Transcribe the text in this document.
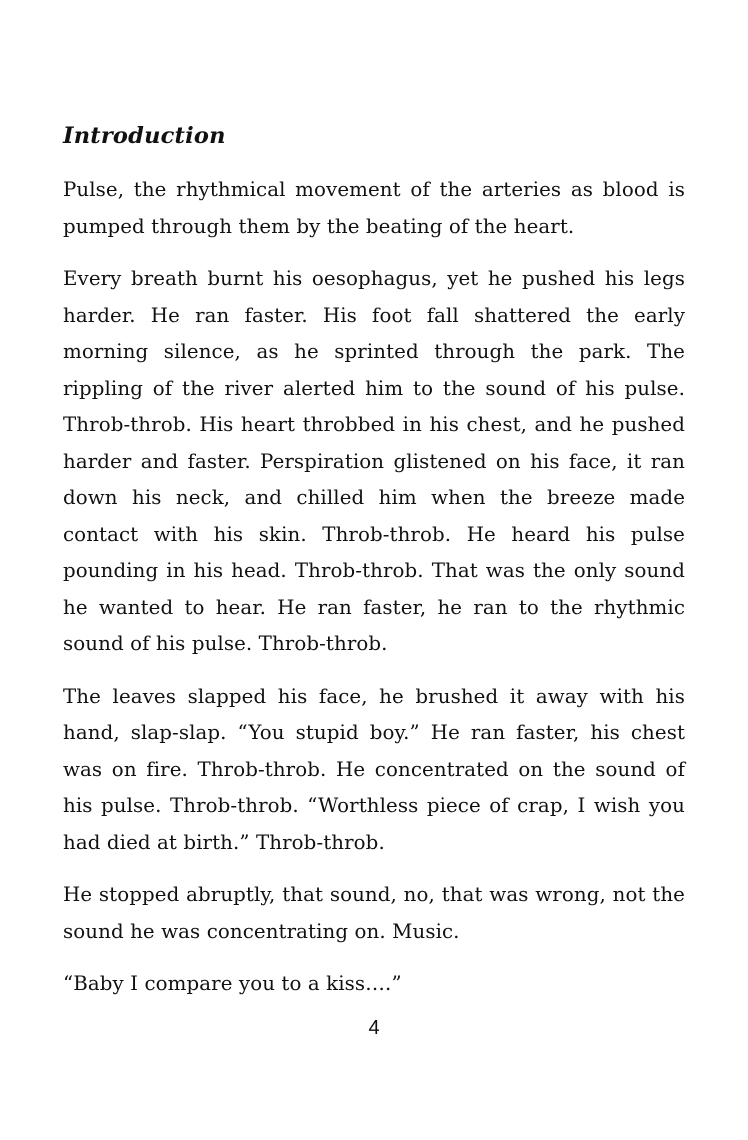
Introduction

Pulse, the rhythmical movement of the arteries as blood is pumped through them by the beating of the heart.

Every breath burnt his oesophagus, yet he pushed his legs harder. He ran faster. His foot fall shattered the early morning silence, as he sprinted through the park. The rippling of the river alerted him to the sound of his pulse. Throb-throb. His heart throbbed in his chest, and he pushed harder and faster. Perspiration glistened on his face, it ran down his neck, and chilled him when the breeze made contact with his skin. Throb-throb. He heard his pulse pounding in his head. Throb-throb. That was the only sound he wanted to hear. He ran faster, he ran to the rhythmic sound of his pulse. Throb-throb.

The leaves slapped his face, he brushed it away with his hand, slap-slap. “You stupid boy.” He ran faster, his chest was on fire. Throb-throb. He concentrated on the sound of his pulse. Throb-throb. “Worthless piece of crap, I wish you had died at birth.” Throb-throb.

He stopped abruptly, that sound, no, that was wrong, not the sound he was concentrating on. Music.

“Baby I compare you to a kiss….”

4
